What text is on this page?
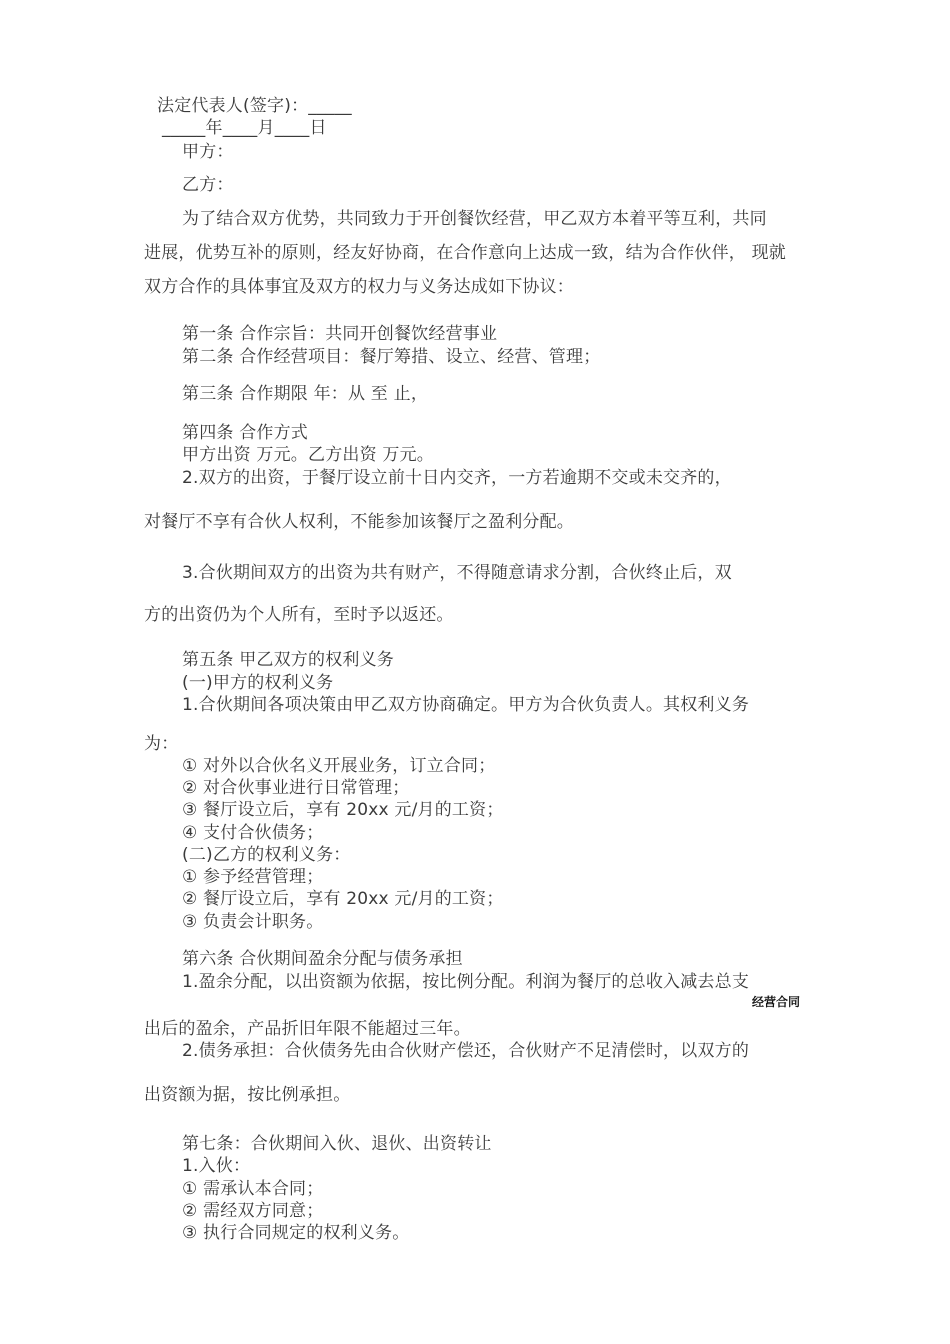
法定代表人(签字)：_____
_____年____月____日
甲方：
乙方：
为了结合双方优势，共同致力于开创餐饮经营，甲乙双方本着平等互利，共同
进展，优势互补的原则，经友好协商，在合作意向上达成一致，结为合作伙伴， 现就
双方合作的具体事宜及双方的权力与义务达成如下协议：
第一条 合作宗旨：共同开创餐饮经营事业
第二条 合作经营项目：餐厅筹措、设立、经营、管理；
第三条 合作期限 年：从 至 止，
第四条 合作方式
甲方出资 万元。乙方出资 万元。
2.双方的出资，于餐厅设立前十日内交齐，一方若逾期不交或未交齐的，
对餐厅不享有合伙人权利，不能参加该餐厅之盈利分配。
3.合伙期间双方的出资为共有财产，不得随意请求分割，合伙终止后，双
方的出资仍为个人所有，至时予以返还。
第五条 甲乙双方的权利义务
(一)甲方的权利义务
1.合伙期间各项决策由甲乙双方协商确定。甲方为合伙负责人。其权利义务
为：
① 对外以合伙名义开展业务，订立合同；
② 对合伙事业进行日常管理；
③ 餐厅设立后，享有 20xx 元/月的工资；
④ 支付合伙债务；
(二)乙方的权利义务：
① 参予经营管理；
② 餐厅设立后，享有 20xx 元/月的工资；
③ 负责会计职务。
第六条 合伙期间盈余分配与债务承担
1.盈余分配，以出资额为依据，按比例分配。利润为餐厅的总收入减去总支
出后的盈余，产品折旧年限不能超过三年。
2.债务承担：合伙债务先由合伙财产偿还，合伙财产不足清偿时，以双方的
出资额为据，按比例承担。
第七条：合伙期间入伙、退伙、出资转让
1.入伙：
① 需承认本合同；
② 需经双方同意；
③ 执行合同规定的权利义务。
经营合同
